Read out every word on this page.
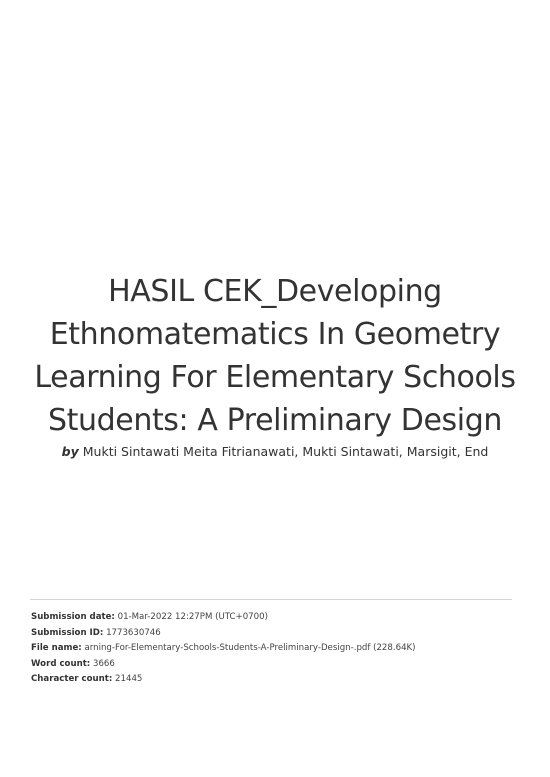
HASIL CEK_Developing Ethnomatematics In Geometry Learning For Elementary Schools Students: A Preliminary Design
by Mukti Sintawati Meita Fitrianawati, Mukti Sintawati, Marsigit, End
Submission date: 01-Mar-2022 12:27PM (UTC+0700)
Submission ID: 1773630746
File name: arning-For-Elementary-Schools-Students-A-Preliminary-Design-.pdf (228.64K)
Word count: 3666
Character count: 21445
